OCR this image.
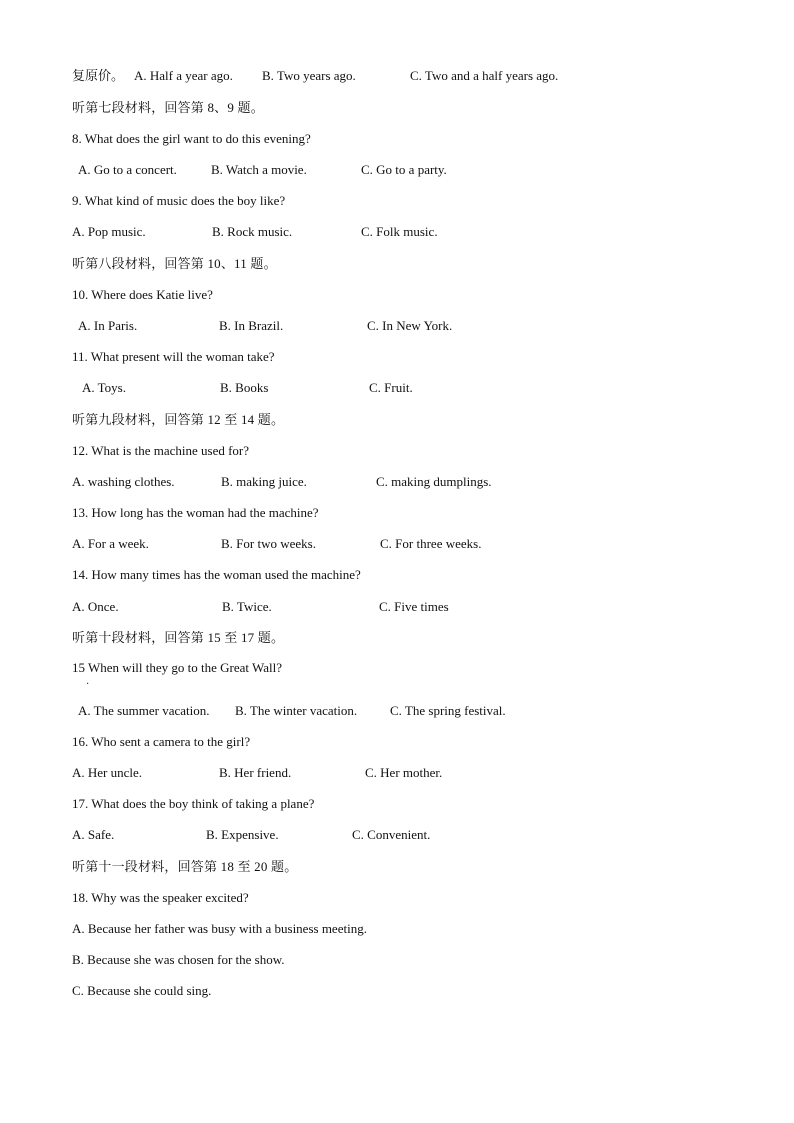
复原价。 A. Half a year ago. B. Two years ago.	C. Two and a half years ago.
听第七段材料，回答第 8、9 题。
8. What does the girl want to do this evening?
A. Go to a concert.	B. Watch a movie.	C. Go to a party.
9. What kind of music does the boy like?
A. Pop music.	B. Rock music.	C. Folk music.
听第八段材料，回答第 10、11 题。
10. Where does Katie live?
A. In Paris.	B. In Brazil.	C. In New York.
11. What present will the woman take?
A. Toys.	B. Books	C. Fruit.
听第九段材料，回答第 12 至 14 题。
12. What is the machine used for?
A. washing clothes.	B. making juice.	C. making dumplings.
13. How long has the woman had the machine?
A. For a week.	B. For two weeks.	C. For three weeks.
14. How many times has the woman used the machine?
A. Once.	B. Twice.	C. Five times
听第十段材料，回答第 15 至 17 题。
15 When will they go to the Great Wall?
·
A. The summer vacation. B. The winter vacation.	C. The spring festival.
16. Who sent a camera to the girl?
A. Her uncle.	B. Her friend.	C. Her mother.
17. What does the boy think of taking a plane?
A. Safe.	B. Expensive.	C. Convenient.
听第十一段材料，回答第 18 至 20 题。
18. Why was the speaker excited?
A. Because her father was busy with a business meeting.
B. Because she was chosen for the show.
C. Because she could sing.
